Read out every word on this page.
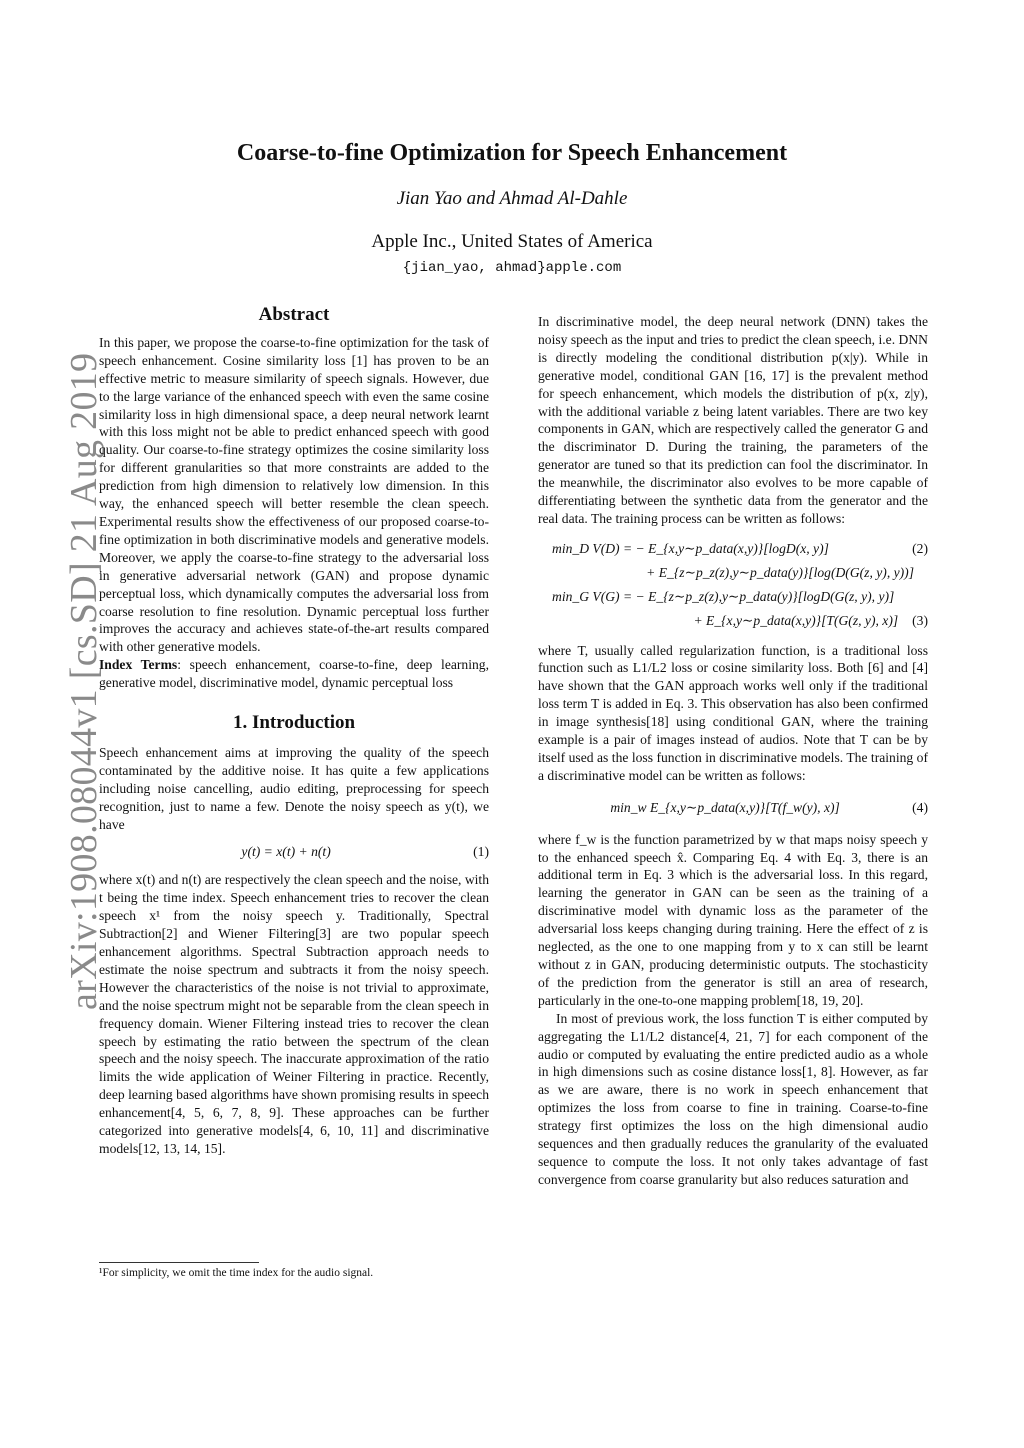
arXiv:1908.08044v1 [cs.SD] 21 Aug 2019
Coarse-to-fine Optimization for Speech Enhancement
Jian Yao and Ahmad Al-Dahle
Apple Inc., United States of America
{jian_yao, ahmad}apple.com

Abstract

In this paper, we propose the coarse-to-fine optimization for the task of speech enhancement. Cosine similarity loss [1] has proven to be an effective metric to measure similarity of speech signals. However, due to the large variance of the enhanced speech with even the same cosine similarity loss in high dimensional space, a deep neural network learnt with this loss might not be able to predict enhanced speech with good quality. Our coarse-to-fine strategy optimizes the cosine similarity loss for different granularities so that more constraints are added to the prediction from high dimension to relatively low dimension. In this way, the enhanced speech will better resemble the clean speech. Experimental results show the effectiveness of our proposed coarse-to-fine optimization in both discriminative models and generative models. Moreover, we apply the coarse-to-fine strategy to the adversarial loss in generative adversarial network (GAN) and propose dynamic perceptual loss, which dynamically computes the adversarial loss from coarse resolution to fine resolution. Dynamic perceptual loss further improves the accuracy and achieves state-of-the-art results compared with other generative models.

Index Terms: speech enhancement, coarse-to-fine, deep learning, generative model, discriminative model, dynamic perceptual loss

1. Introduction

Speech enhancement aims at improving the quality of the speech contaminated by the additive noise. It has quite a few applications including noise cancelling, audio editing, preprocessing for speech recognition, just to name a few. Denote the noisy speech as y(t), we have

y(t) = x(t) + n(t)	(1)

where x(t) and n(t) are respectively the clean speech and the noise, with t being the time index. Speech enhancement tries to recover the clean speech x¹ from the noisy speech y. Traditionally, Spectral Subtraction[2] and Wiener Filtering[3] are two popular speech enhancement algorithms. Spectral Subtraction approach needs to estimate the noise spectrum and subtracts it from the noisy speech. However the characteristics of the noise is not trivial to approximate, and the noise spectrum might not be separable from the clean speech in frequency domain. Wiener Filtering instead tries to recover the clean speech by estimating the ratio between the spectrum of the clean speech and the noisy speech. The inaccurate approximation of the ratio limits the wide application of Weiner Filtering in practice. Recently, deep learning based algorithms have shown promising results in speech enhancement[4, 5, 6, 7, 8, 9]. These approaches can be further categorized into generative models[4, 6, 10, 11] and discriminative models[12, 13, 14, 15].

¹For simplicity, we omit the time index for the audio signal.

In discriminative model, the deep neural network (DNN) takes the noisy speech as the input and tries to predict the clean speech, i.e. DNN is directly modeling the conditional distribution p(x|y). While in generative model, conditional GAN [16, 17] is the prevalent method for speech enhancement, which models the distribution of p(x, z|y), with the additional variable z being latent variables. There are two key components in GAN, which are respectively called the generator G and the discriminator D. During the training, the parameters of the generator are tuned so that its prediction can fool the discriminator. In the meanwhile, the discriminator also evolves to be more capable of differentiating between the synthetic data from the generator and the real data. The training process can be written as follows:

min_D V(D) = − E_{x,y∼p_data(x,y)}[logD(x, y)]	(2)
+ E_{z∼p_z(z),y∼p_data(y)}[log(D(G(z, y), y))]
min_G V(G) = − E_{z∼p_z(z),y∼p_data(y)}[logD(G(z, y), y)]
+ E_{x,y∼p_data(x,y)}[T(G(z, y), x)]	(3)

where T, usually called regularization function, is a traditional loss function such as L1/L2 loss or cosine similarity loss. Both [6] and [4] have shown that the GAN approach works well only if the traditional loss term T is added in Eq. 3. This observation has also been confirmed in image synthesis[18] using conditional GAN, where the training example is a pair of images instead of audios. Note that T can be by itself used as the loss function in discriminative models. The training of a discriminative model can be written as follows:

min_w E_{x,y∼p_data(x,y)}[T(f_w(y), x)]	(4)

where f_w is the function parametrized by w that maps noisy speech y to the enhanced speech x̂. Comparing Eq. 4 with Eq. 3, there is an additional term in Eq. 3 which is the adversarial loss. In this regard, learning the generator in GAN can be seen as the training of a discriminative model with dynamic loss as the parameter of the adversarial loss keeps changing during training. Here the effect of z is neglected, as the one to one mapping from y to x can still be learnt without z in GAN, producing deterministic outputs. The stochasticity of the prediction from the generator is still an area of research, particularly in the one-to-one mapping problem[18, 19, 20].

In most of previous work, the loss function T is either computed by aggregating the L1/L2 distance[4, 21, 7] for each component of the audio or computed by evaluating the entire predicted audio as a whole in high dimensions such as cosine distance loss[1, 8]. However, as far as we are aware, there is no work in speech enhancement that optimizes the loss from coarse to fine in training. Coarse-to-fine strategy first optimizes the loss on the high dimensional audio sequences and then gradually reduces the granularity of the evaluated sequence to compute the loss. It not only takes advantage of fast convergence from coarse granularity but also reduces saturation and
